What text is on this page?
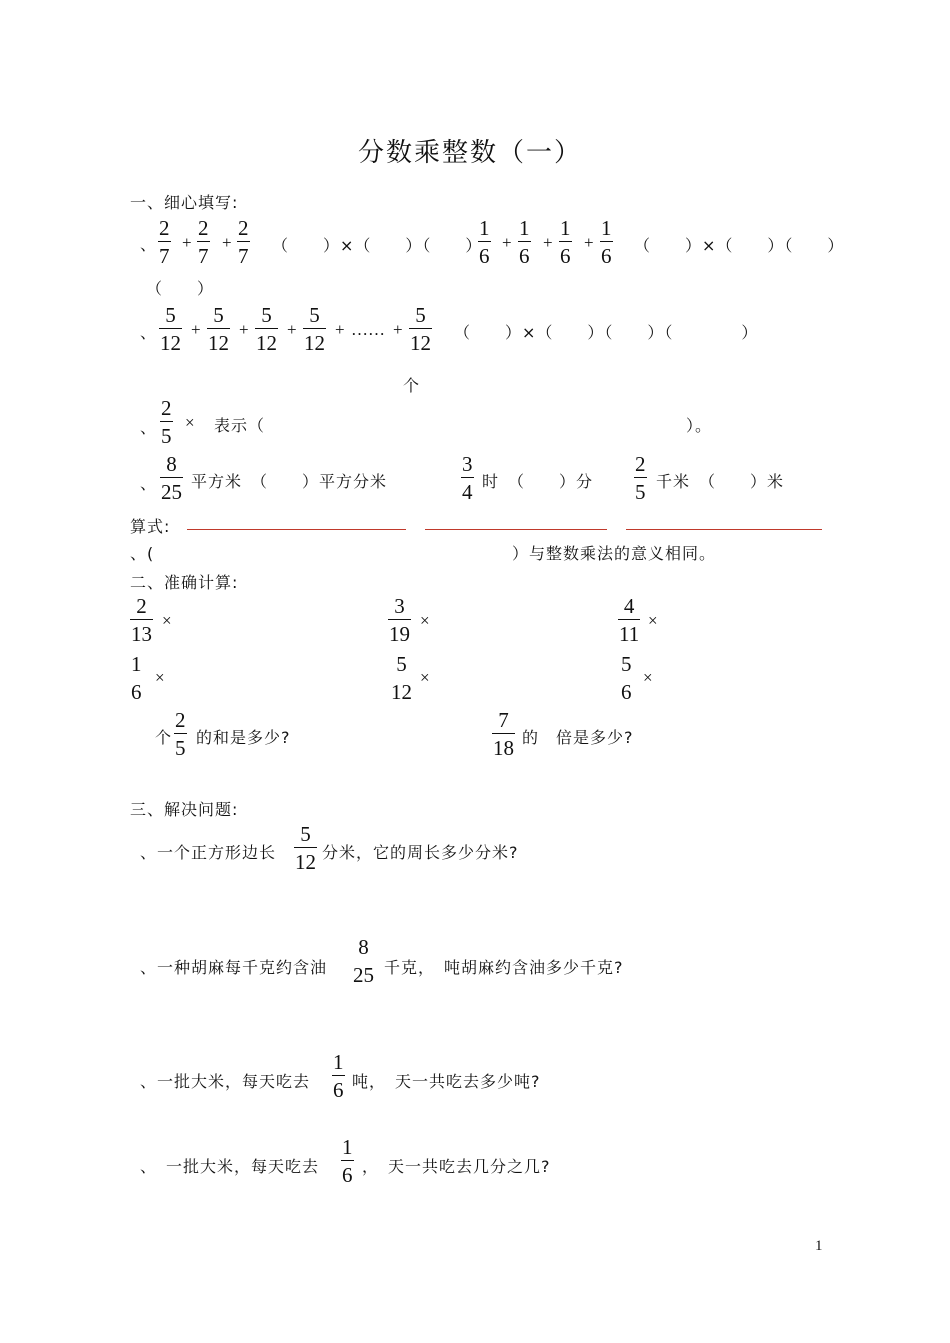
分数乘整数（一）
一、细心填写:
、
2
7
+
2
7
+
2
7 （　　）×（　　）（　　）
1
6
+
1
6
+
1
6
+
1
6 （　　）×（　　）（　　）
（　　）
、
5
12
+
5
12
+
5
12
+
5
12
+ …… +
5
12 （　　）×（　　）（　　）（　　　　）
个
、
2
5
× 表示（	）。
、
8
25 平方米　（　　）平方分米
3
4 时　（　　）分
2
5 千米　（　　）米
算式:
、(	）与整数乘法的意义相同。
二、准确计算:
2
13
×
3
19
×
4
11
×
1
6
×
5
12
×
5
6
×
个
2
5 的和是多少?
7
18 的　倍是多少?
三、解决问题:
、一个正方形边长
5
12 分米，它的周长多少分米?
、一种胡麻每千克约含油
8
25 千克，　吨胡麻约含油多少千克?
、一批大米，每天吃去
1
6 吨，　天一共吃去多少吨?
、　一批大米，每天吃去
1
6 ，　天一共吃去几分之几?
1
